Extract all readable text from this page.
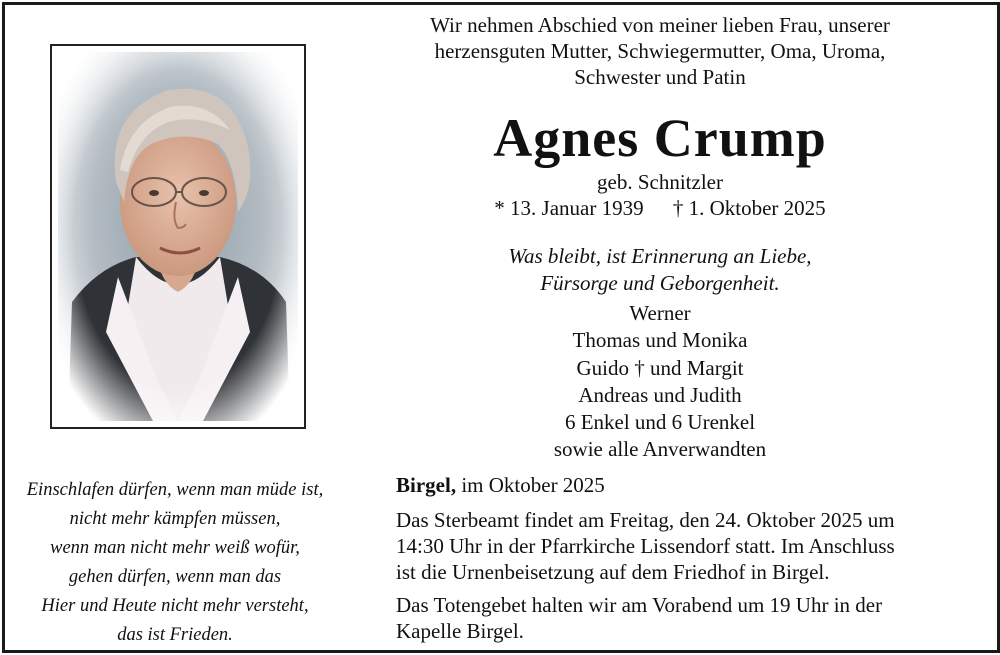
Wir nehmen Abschied von meiner lieben Frau, unserer
herzensguten Mutter, Schwiegermutter, Oma, Uroma,
Schwester und Patin
Agnes Crump
geb. Schnitzler
* 13. Januar 1939 † 1. Oktober 2025
Was bleibt, ist Erinnerung an Liebe,
Fürsorge und Geborgenheit.
Werner
Thomas und Monika
Guido † und Margit
Andreas und Judith
6 Enkel und 6 Urenkel
sowie alle Anverwandten
Einschlafen dürfen, wenn man müde ist,
nicht mehr kämpfen müssen,
wenn man nicht mehr weiß wofür,
gehen dürfen, wenn man das
Hier und Heute nicht mehr versteht,
das ist Frieden.
Birgel, im Oktober 2025
Das Sterbeamt findet am Freitag, den 24. Oktober 2025 um
14:30 Uhr in der Pfarrkirche Lissendorf statt. Im Anschluss
ist die Urnenbeisetzung auf dem Friedhof in Birgel.
Das Totengebet halten wir am Vorabend um 19 Uhr in der
Kapelle Birgel.
